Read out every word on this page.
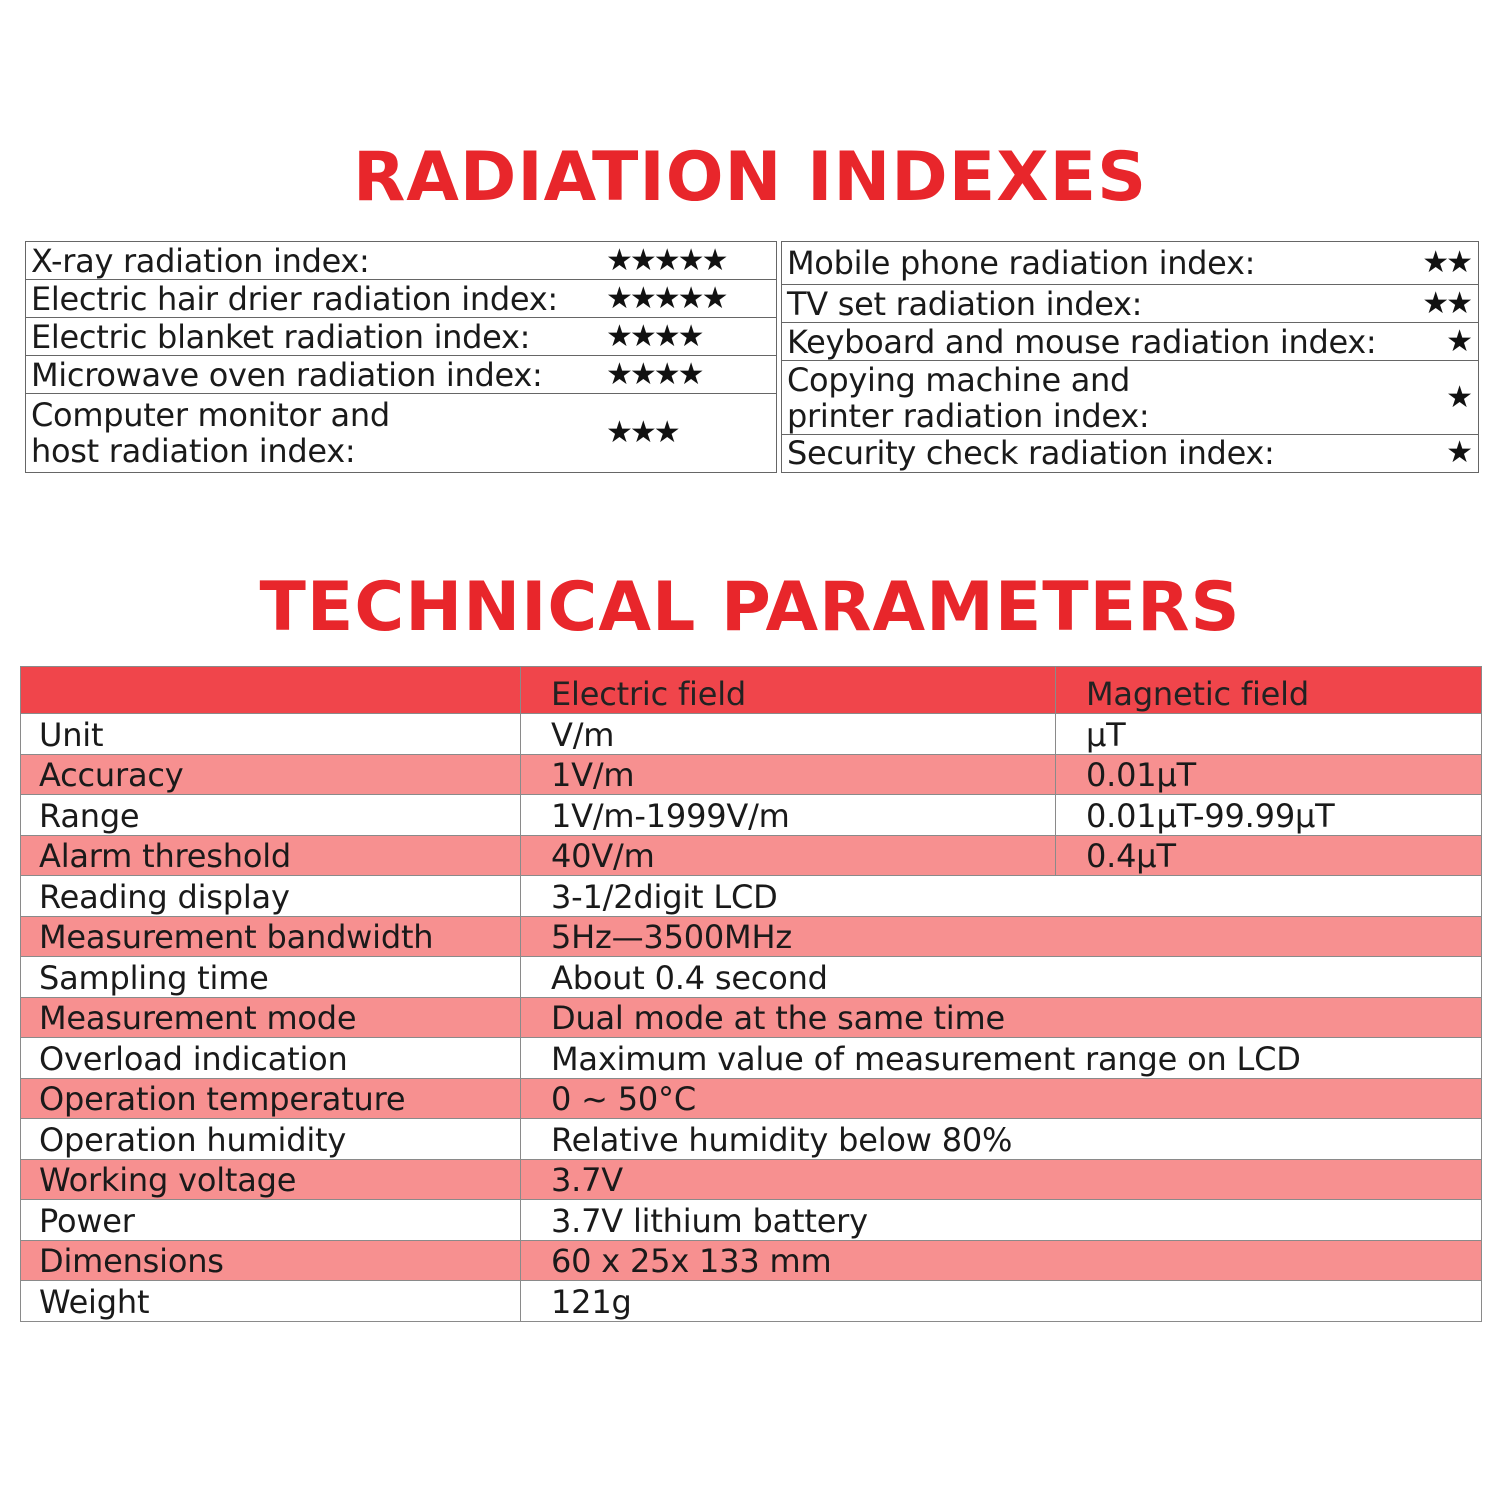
RADIATION INDEXES
X-ray radiation index:	★★★★★
Electric hair drier radiation index:	★★★★★
Electric blanket radiation index:	★★★★
Microwave oven radiation index:	★★★★
Computer monitor and
host radiation index:	★★★
Mobile phone radiation index:	★★
TV set radiation index:	★★
Keyboard and mouse radiation index:	★
Copying machine and
printer radiation index:	★
Security check radiation index:	★
TECHNICAL PARAMETERS
	Electric field	Magnetic field
Unit	V/m	μT
Accuracy	1V/m	0.01μT
Range	1V/m-1999V/m	0.01μT-99.99μT
Alarm threshold	40V/m	0.4μT
Reading display	3-1/2digit LCD	
Measurement bandwidth	5Hz—3500MHz	
Sampling time	About 0.4 second	
Measurement mode	Dual mode at the same time	
Overload indication	Maximum value of measurement range on LCD	
Operation temperature	0 ~ 50°C	
Operation humidity	Relative humidity below 80%	
Working voltage	3.7V	
Power	3.7V lithium battery	
Dimensions	60 x 25x 133 mm	
Weight	121g	
